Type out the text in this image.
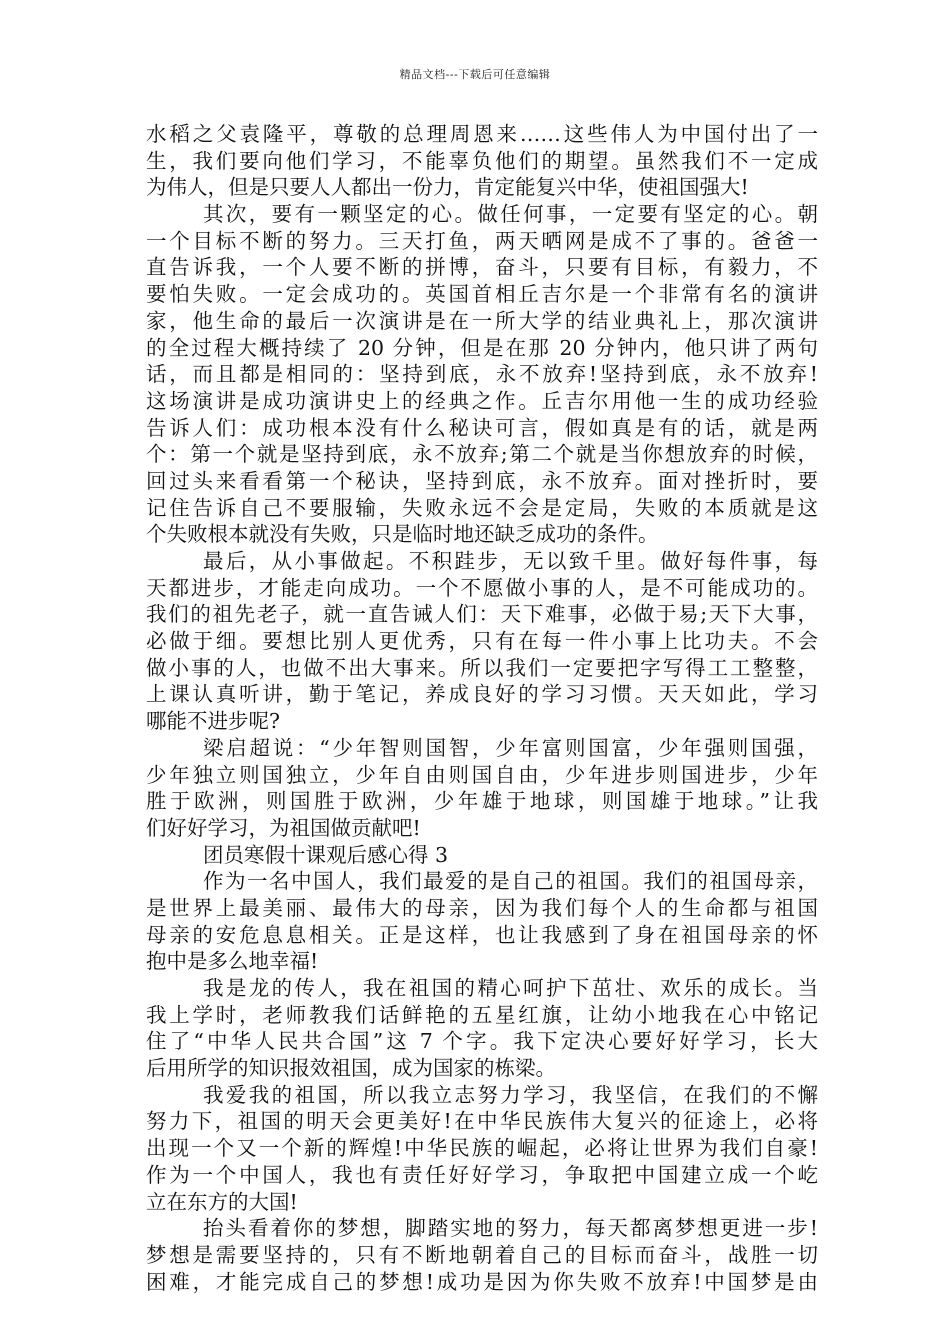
精品文档---下载后可任意编辑
水稻之父袁隆平，尊敬的总理周恩来……这些伟人为中国付出了一
生，我们要向他们学习，不能辜负他们的期望。虽然我们不一定成
为伟人，但是只要人人都出一份力，肯定能复兴中华，使祖国强大!
其次，要有一颗坚定的心。做任何事，一定要有坚定的心。朝
一个目标不断的努力。三天打鱼，两天晒网是成不了事的。爸爸一
直告诉我，一个人要不断的拼博，奋斗，只要有目标，有毅力，不
要怕失败。一定会成功的。英国首相丘吉尔是一个非常有名的演讲
家，他生命的最后一次演讲是在一所大学的结业典礼上，那次演讲
的全过程大概持续了 20 分钟，但是在那 20 分钟内，他只讲了两句
话，而且都是相同的：坚持到底，永不放弃!坚持到底，永不放弃!
这场演讲是成功演讲史上的经典之作。丘吉尔用他一生的成功经验
告诉人们：成功根本没有什么秘诀可言，假如真是有的话，就是两
个：第一个就是坚持到底，永不放弃;第二个就是当你想放弃的时候，
回过头来看看第一个秘诀，坚持到底，永不放弃。面对挫折时，要
记住告诉自己不要服输，失败永远不会是定局，失败的本质就是这
个失败根本就没有失败，只是临时地还缺乏成功的条件。
最后，从小事做起。不积跬步，无以致千里。做好每件事，每
天都进步，才能走向成功。一个不愿做小事的人，是不可能成功的。
我们的祖先老子，就一直告诫人们：天下难事，必做于易;天下大事，
必做于细。要想比别人更优秀，只有在每一件小事上比功夫。不会
做小事的人，也做不出大事来。所以我们一定要把字写得工工整整，
上课认真听讲，勤于笔记，养成良好的学习习惯。天天如此，学习
哪能不进步呢?
梁启超说：“少年智则国智，少年富则国富，少年强则国强，
少年独立则国独立，少年自由则国自由，少年进步则国进步，少年
胜于欧洲，则国胜于欧洲，少年雄于地球，则国雄于地球。”让我
们好好学习，为祖国做贡献吧!
团员寒假十课观后感心得 3
作为一名中国人，我们最爱的是自己的祖国。我们的祖国母亲，
是世界上最美丽、最伟大的母亲，因为我们每个人的生命都与祖国
母亲的安危息息相关。正是这样，也让我感到了身在祖国母亲的怀
抱中是多么地幸福!
我是龙的传人，我在祖国的精心呵护下茁壮、欢乐的成长。当
我上学时，老师教我们话鲜艳的五星红旗，让幼小地我在心中铭记
住了“中华人民共合国”这 7 个字。我下定决心要好好学习，长大
后用所学的知识报效祖国，成为国家的栋梁。
我爱我的祖国，所以我立志努力学习，我坚信，在我们的不懈
努力下，祖国的明天会更美好!在中华民族伟大复兴的征途上，必将
出现一个又一个新的辉煌!中华民族的崛起，必将让世界为我们自豪!
作为一个中国人，我也有责任好好学习，争取把中国建立成一个屹
立在东方的大国!
抬头看着你的梦想，脚踏实地的努力，每天都离梦想更进一步!
梦想是需要坚持的，只有不断地朝着自己的目标而奋斗，战胜一切
困难，才能完成自己的梦想!成功是因为你失败不放弃!中国梦是由
